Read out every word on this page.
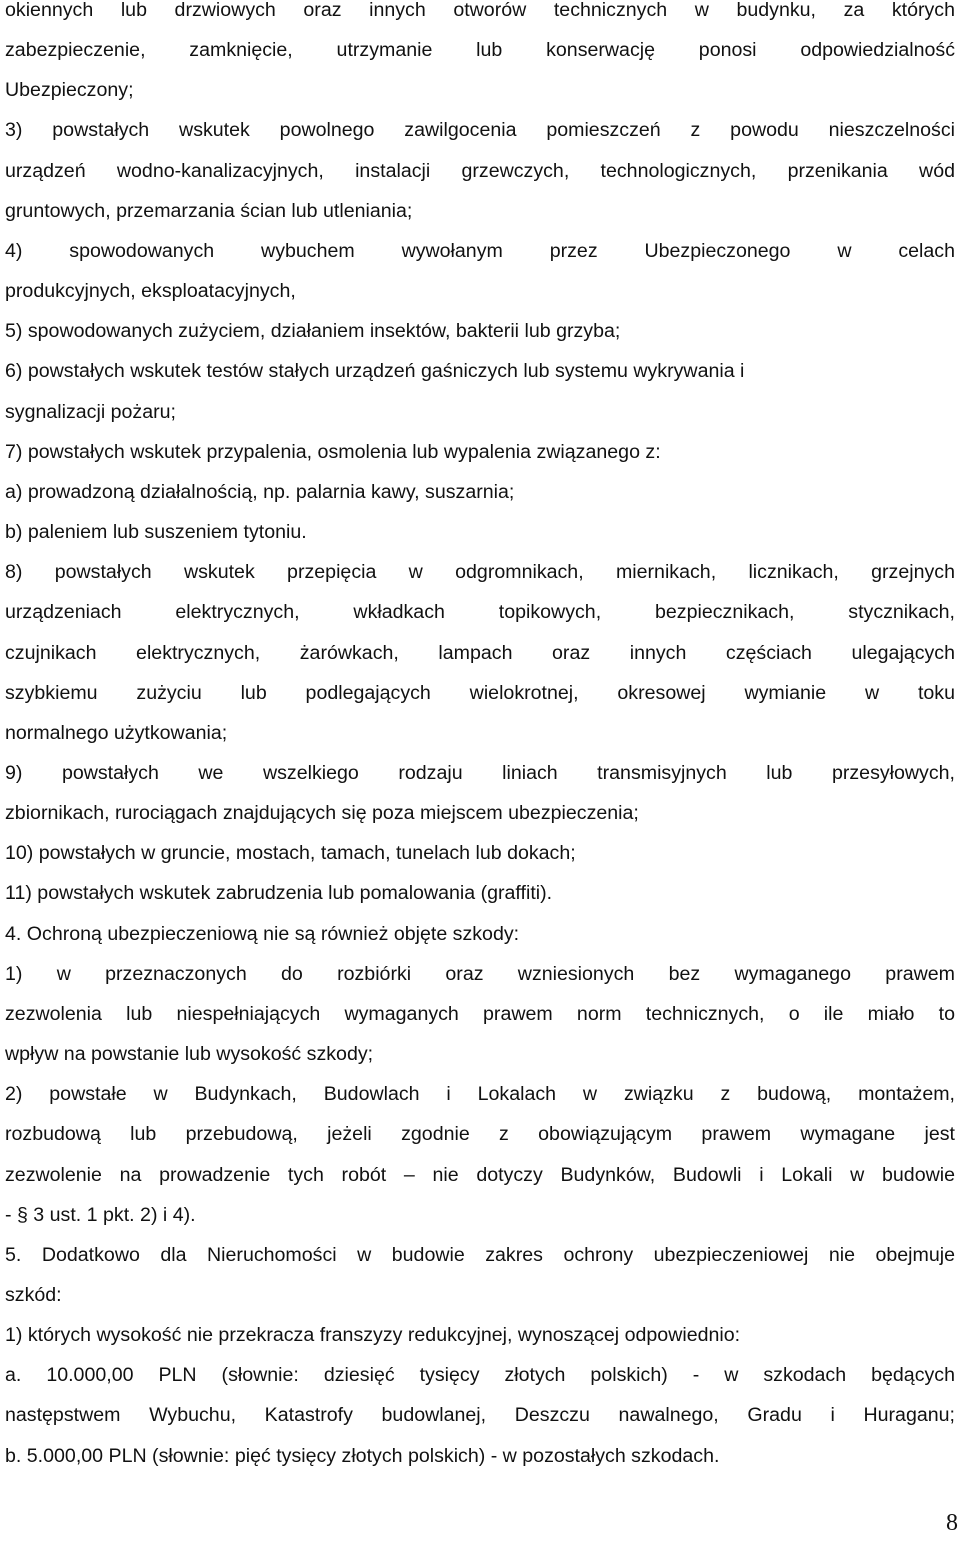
okiennych lub drzwiowych oraz innych otworów technicznych w budynku, za których
zabezpieczenie, zamknięcie, utrzymanie lub konserwację ponosi odpowiedzialność
Ubezpieczony;
3) powstałych wskutek powolnego zawilgocenia pomieszczeń z powodu nieszczelności
urządzeń wodno-kanalizacyjnych, instalacji grzewczych, technologicznych, przenikania wód
gruntowych, przemarzania ścian lub utleniania;
4) spowodowanych wybuchem wywołanym przez Ubezpieczonego w celach
produkcyjnych, eksploatacyjnych,
5) spowodowanych zużyciem, działaniem insektów, bakterii lub grzyba;
6) powstałych wskutek testów stałych urządzeń gaśniczych lub systemu wykrywania i
sygnalizacji pożaru;
7) powstałych wskutek przypalenia, osmolenia lub wypalenia związanego z:
a) prowadzoną działalnością, np. palarnia kawy, suszarnia;
b) paleniem lub suszeniem tytoniu.
8) powstałych wskutek przepięcia w odgromnikach, miernikach, licznikach, grzejnych
urządzeniach elektrycznych, wkładkach topikowych, bezpiecznikach, stycznikach,
czujnikach elektrycznych, żarówkach, lampach oraz innych częściach ulegających
szybkiemu zużyciu lub podlegających wielokrotnej, okresowej wymianie w toku
normalnego użytkowania;
9) powstałych we wszelkiego rodzaju liniach transmisyjnych lub przesyłowych,
zbiornikach, rurociągach znajdujących się poza miejscem ubezpieczenia;
10) powstałych w gruncie, mostach, tamach, tunelach lub dokach;
11) powstałych wskutek zabrudzenia lub pomalowania (graffiti).
4. Ochroną ubezpieczeniową nie są również objęte szkody:
1) w przeznaczonych do rozbiórki oraz wzniesionych bez wymaganego prawem
zezwolenia lub niespełniających wymaganych prawem norm technicznych, o ile miało to
wpływ na powstanie lub wysokość szkody;
2) powstałe w Budynkach, Budowlach i Lokalach w związku z budową, montażem,
rozbudową lub przebudową, jeżeli zgodnie z obowiązującym prawem wymagane jest
zezwolenie na prowadzenie tych robót – nie dotyczy Budynków, Budowli i Lokali w budowie
- § 3 ust. 1 pkt. 2) i 4).
5. Dodatkowo dla Nieruchomości w budowie zakres ochrony ubezpieczeniowej nie obejmuje
szkód:
1) których wysokość nie przekracza franszyzy redukcyjnej, wynoszącej odpowiednio:
a. 10.000,00 PLN (słownie: dziesięć tysięcy złotych polskich) - w szkodach będących
następstwem Wybuchu, Katastrofy budowlanej, Deszczu nawalnego, Gradu i Huraganu;
b. 5.000,00 PLN (słownie: pięć tysięcy złotych polskich) - w pozostałych szkodach.
8
